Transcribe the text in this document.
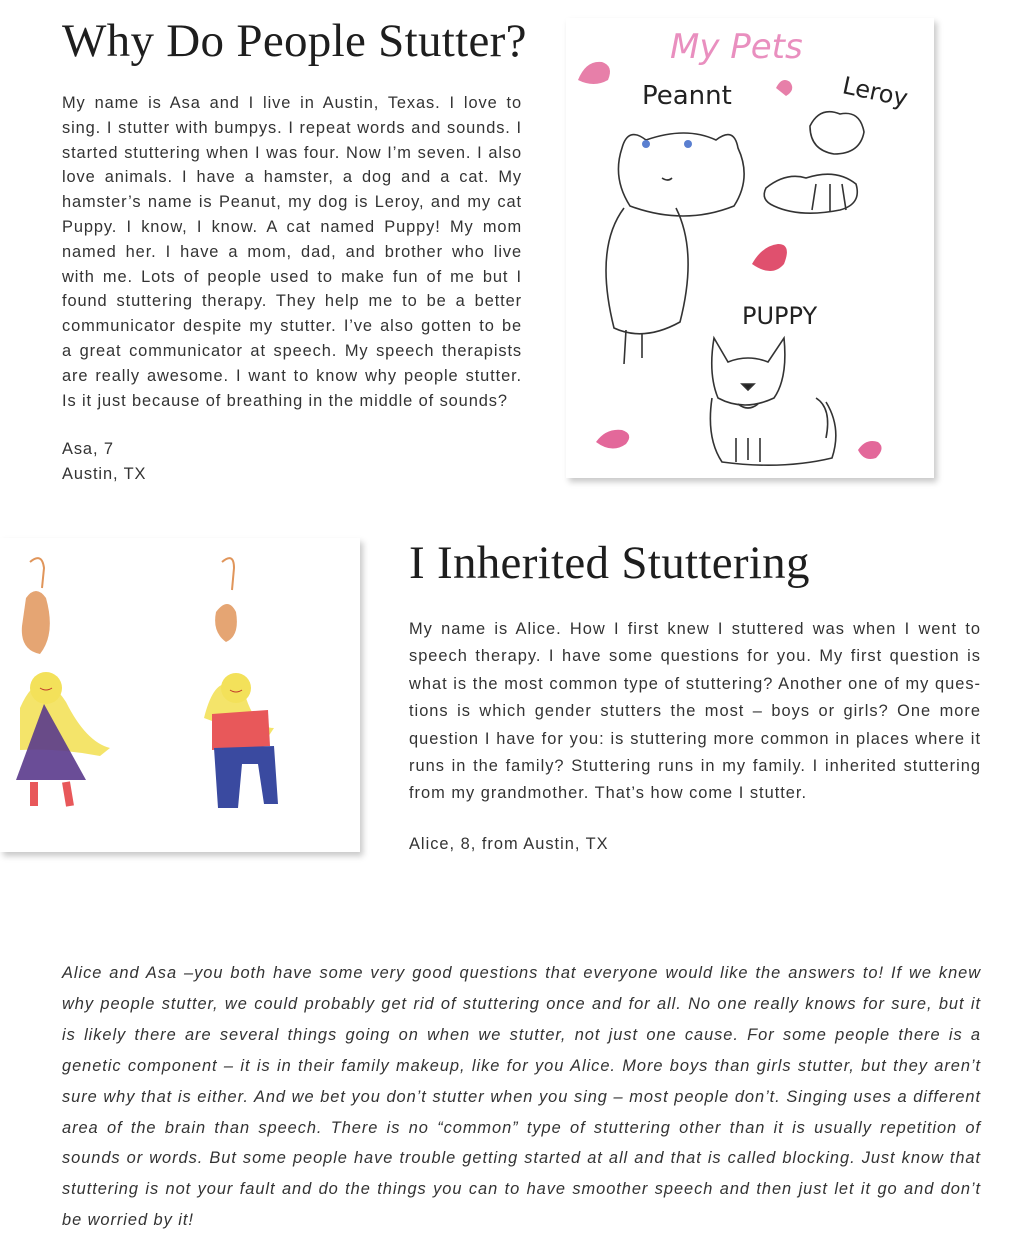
Why Do People Stutter?

My name is Asa and I live in Austin, Texas. I love to sing. I stutter with bumpys. I repeat words and sounds. I started stuttering when I was four. Now I’m seven. I also love animals. I have a hamster, a dog and a cat. My hamster’s name is Peanut, my dog is Leroy, and my cat Puppy. I know, I know. A cat named Puppy! My mom named her. I have a mom, dad, and brother who live with me. Lots of people used to make fun of me but I found stuttering therapy. They help me to be a better communicator despite my stutter. I’ve also gotten to be a great communicator at speech. My speech therapists are really awesome. I want to know why people stutter. Is it just because of breathing in the middle of sounds?

Asa, 7
Austin, TX
My Pets
Peannt	Leroy
PUPPY
I Inherited Stuttering

My name is Alice. How I first knew I stuttered was when I went to speech therapy. I have some questions for you. My first question is what is the most common type of stuttering? Another one of my ques-tions is which gender stutters the most – boys or girls? One more question I have for you: is stuttering more common in places where it runs in the family? Stuttering runs in my family. I inherited stuttering from my grandmother. That’s how come I stutter.

Alice, 8, from Austin, TX

Alice and Asa –you both have some very good questions that everyone would like the answers to! If we knew why people stutter, we could probably get rid of stuttering once and for all. No one really knows for sure, but it is likely there are several things going on when we stutter, not just one cause. For some people there is a genetic component – it is in their family makeup, like for you Alice. More boys than girls stutter, but they aren’t sure why that is either. And we bet you don’t stutter when you sing – most people don’t. Singing uses a different area of the brain than speech. There is no “common” type of stuttering other than it is usually repetition of sounds or words. But some people have trouble getting started at all and that is called blocking. Just know that stuttering is not your fault and do the things you can to have smoother speech and then just let it go and don’t be worried by it!
